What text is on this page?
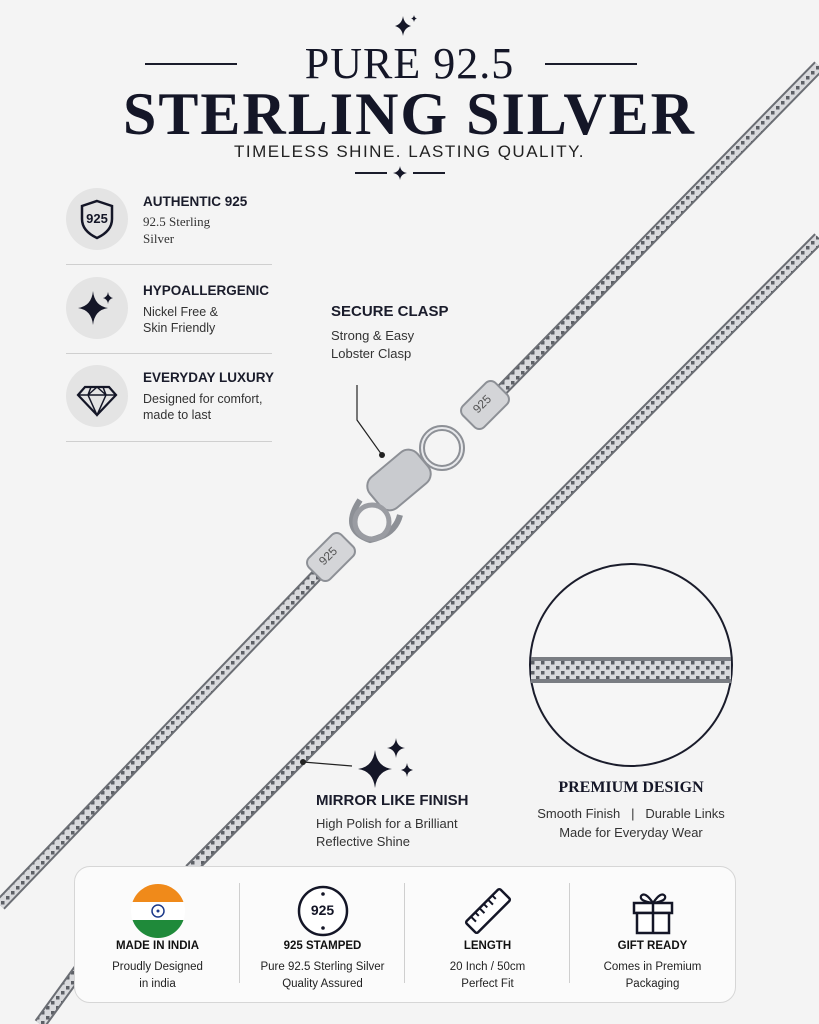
925
925
PURE 92.5
STERLING SILVER
TIMELESS SHINE. LASTING QUALITY.
925
AUTHENTIC 925
92.5 Sterling
Silver
HYPOALLERGENIC
Nickel Free &
Skin Friendly
EVERYDAY LUXURY
Designed for comfort,
made to last
SECURE CLASP
Strong & Easy
Lobster Clasp
MIRROR LIKE FINISH
High Polish for a Brilliant
Reflective Shine
PREMIUM DESIGN
Smooth Finish   |   Durable Links
Made for Everyday Wear
MADE IN INDIA
Proudly Designed
in india
925
925 STAMPED
Pure 92.5 Sterling Silver
Quality Assured
LENGTH
20 Inch / 50cm
Perfect Fit
GIFT READY
Comes in Premium
Packaging
